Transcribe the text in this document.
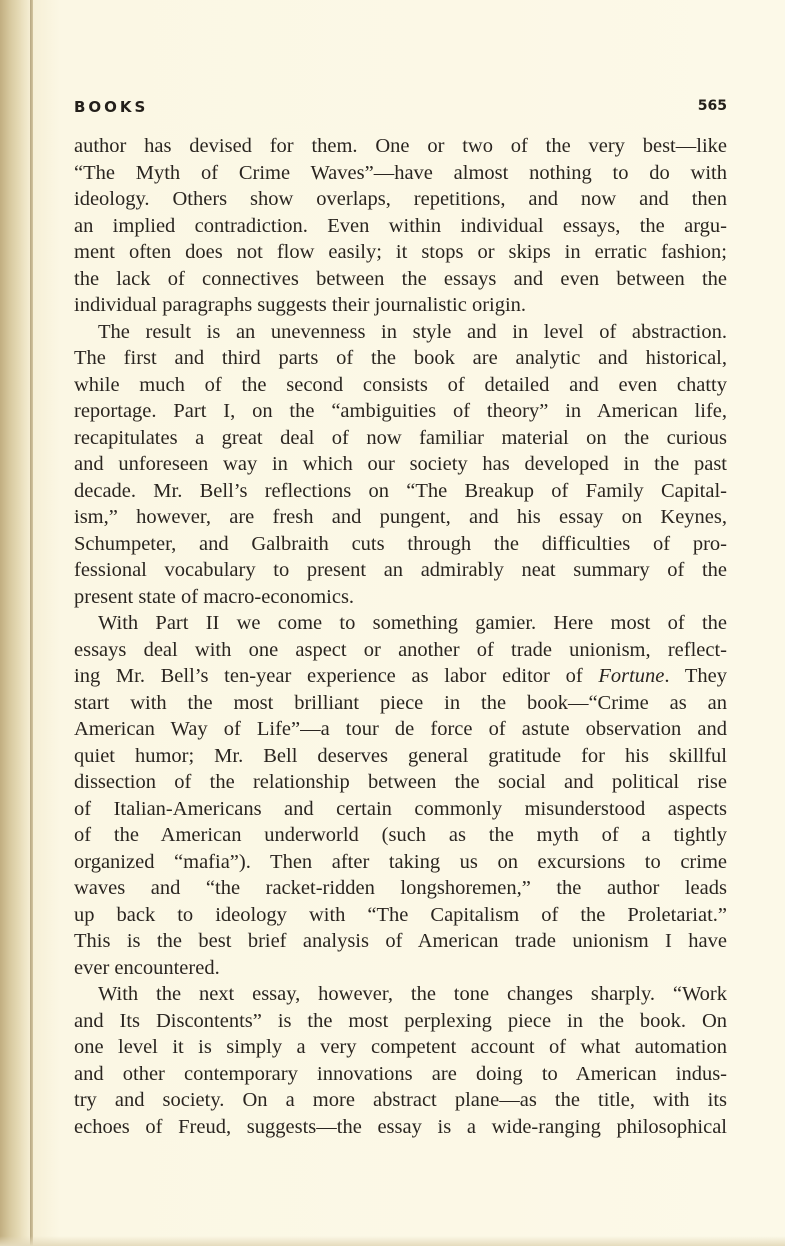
BOOKS	565
author has devised for them. One or two of the very best—like
“The Myth of Crime Waves”—have almost nothing to do with
ideology. Others show overlaps, repetitions, and now and then
an implied contradiction. Even within individual essays, the argu-
ment often does not flow easily; it stops or skips in erratic fashion;
the lack of connectives between the essays and even between the
individual paragraphs suggests their journalistic origin.
The result is an unevenness in style and in level of abstraction.
The first and third parts of the book are analytic and historical,
while much of the second consists of detailed and even chatty
reportage. Part I, on the “ambiguities of theory” in American life,
recapitulates a great deal of now familiar material on the curious
and unforeseen way in which our society has developed in the past
decade. Mr. Bell’s reflections on “The Breakup of Family Capital-
ism,” however, are fresh and pungent, and his essay on Keynes,
Schumpeter, and Galbraith cuts through the difficulties of pro-
fessional vocabulary to present an admirably neat summary of the
present state of macro-economics.
With Part II we come to something gamier. Here most of the
essays deal with one aspect or another of trade unionism, reflect-
ing Mr. Bell’s ten-year experience as labor editor of Fortune. They
start with the most brilliant piece in the book—“Crime as an
American Way of Life”—a tour de force of astute observation and
quiet humor; Mr. Bell deserves general gratitude for his skillful
dissection of the relationship between the social and political rise
of Italian-Americans and certain commonly misunderstood aspects
of the American underworld (such as the myth of a tightly
organized “mafia”). Then after taking us on excursions to crime
waves and “the racket-ridden longshoremen,” the author leads
up back to ideology with “The Capitalism of the Proletariat.”
This is the best brief analysis of American trade unionism I have
ever encountered.
With the next essay, however, the tone changes sharply. “Work
and Its Discontents” is the most perplexing piece in the book. On
one level it is simply a very competent account of what automation
and other contemporary innovations are doing to American indus-
try and society. On a more abstract plane—as the title, with its
echoes of Freud, suggests—the essay is a wide-ranging philosophical
